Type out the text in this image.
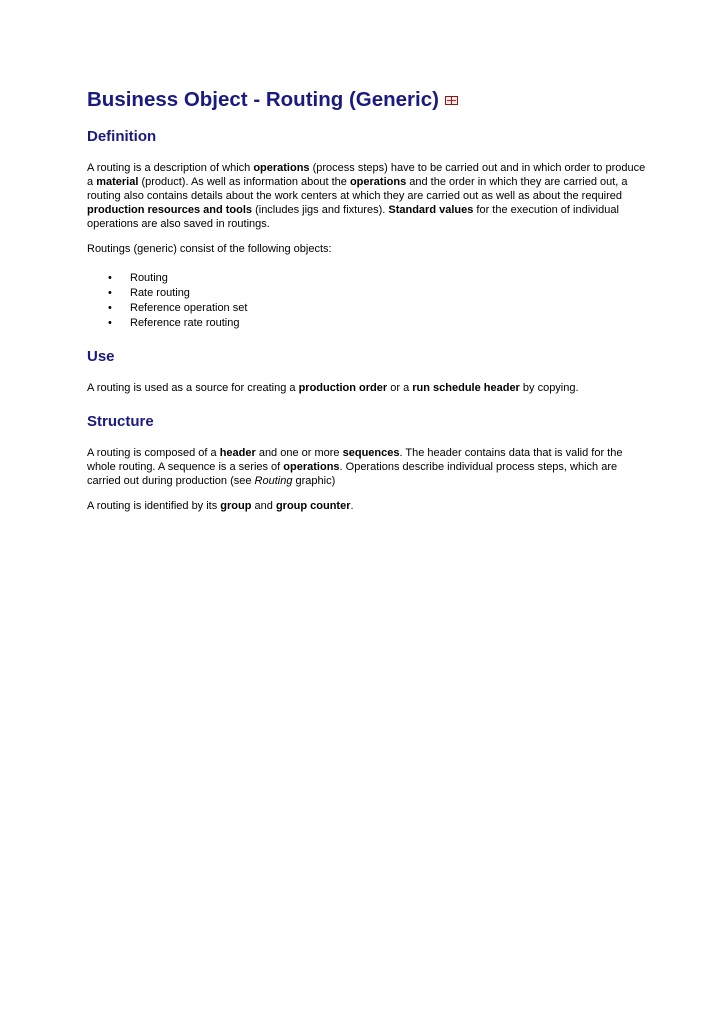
Business Object - Routing (Generic)
Definition

A routing is a description of which operations (process steps) have to be carried out and in which order to produce a material (product). As well as information about the operations and the order in which they are carried out, a routing also contains details about the work centers at which they are carried out as well as about the required production resources and tools (includes jigs and fixtures). Standard values for the execution of individual operations are also saved in routings.

Routings (generic) consist of the following objects:

• Routing
• Rate routing
• Reference operation set
• Reference rate routing
Use

A routing is used as a source for creating a production order or a run schedule header by copying.

Structure

A routing is composed of a header and one or more sequences. The header contains data that is valid for the whole routing. A sequence is a series of operations. Operations describe individual process steps, which are carried out during production (see Routing graphic)

A routing is identified by its group and group counter.
